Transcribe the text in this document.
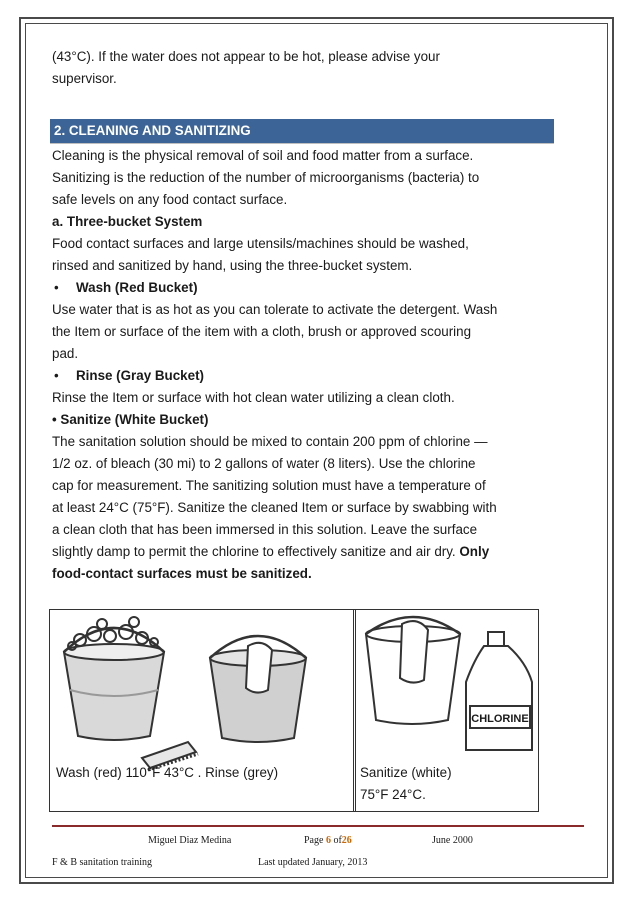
(43°C). If the water does not appear to be hot, please advise your
supervisor.
2. CLEANING AND SANITIZING
Cleaning is the physical removal of soil and food matter from a surface.
Sanitizing is the reduction of the number of microorganisms (bacteria) to
safe levels on any food contact surface.
a. Three-bucket System
Food contact surfaces and large utensils/machines should be washed,
rinsed and sanitized by hand, using the three-bucket system.
• Wash (Red Bucket)
Use water that is as hot as you can tolerate to activate the detergent. Wash
the Item or surface of the item with a cloth, brush or approved scouring
pad.
• Rinse (Gray Bucket)
Rinse the Item or surface with hot clean water utilizing a clean cloth.
• Sanitize (White Bucket)
The sanitation solution should be mixed to contain 200 ppm of chlorine —
1/2 oz. of bleach (30 mi) to 2 gallons of water (8 liters). Use the chlorine
cap for measurement. The sanitizing solution must have a temperature of
at least 24°C (75°F). Sanitize the cleaned Item or surface by swabbing with
a clean cloth that has been immersed in this solution. Leave the surface
slightly damp to permit the chlorine to effectively sanitize and air dry. Only
food-contact surfaces must be sanitized.
CHLORINE
Wash (red) 110°F 43°C . Rinse (grey)	Sanitize (white)
75°F 24°C.
Miguel Diaz Medina	Page 6 of26	June 2000
F & B sanitation training	Last updated January, 2013
